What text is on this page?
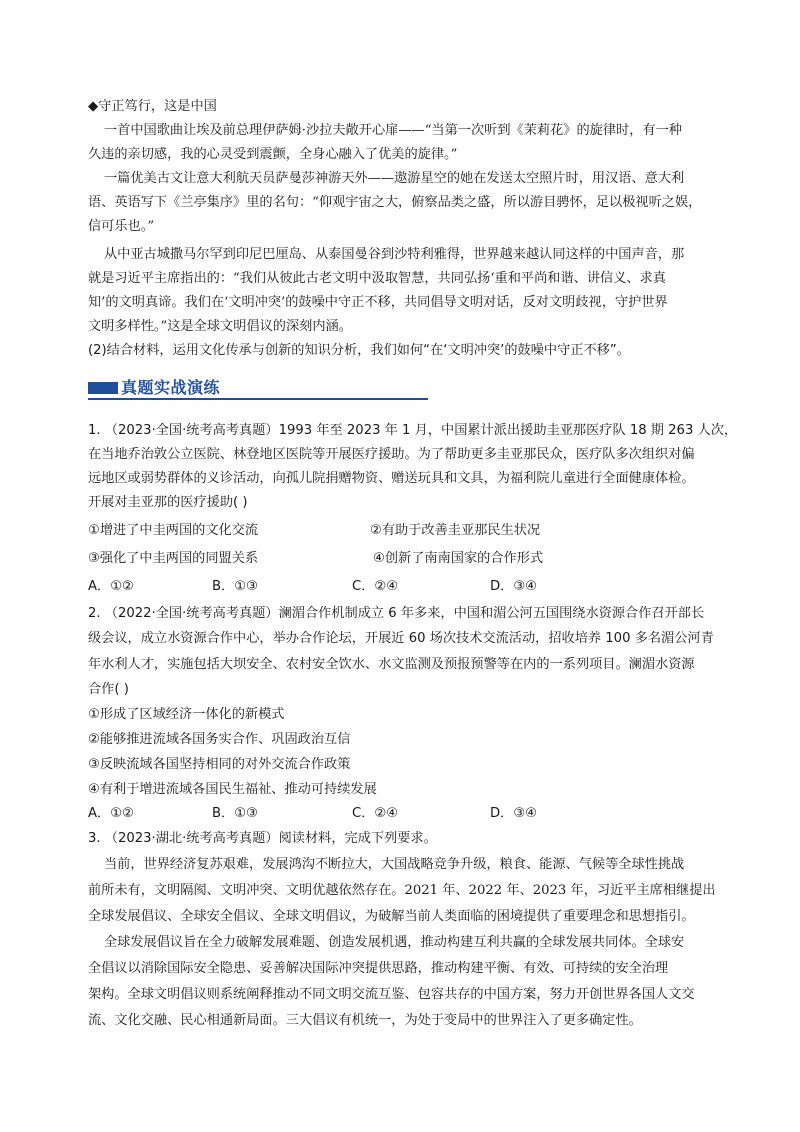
◆守正笃行，这是中国
一首中国歌曲让埃及前总理伊萨姆·沙拉夫敞开心扉——“当第一次听到《茉莉花》的旋律时，有一种
久违的亲切感，我的心灵受到震颤，全身心融入了优美的旋律。”
一篇优美古文让意大利航天员萨曼莎神游天外——遨游星空的她在发送太空照片时，用汉语、意大利
语、英语写下《兰亭集序》里的名句：“仰观宇宙之大，俯察品类之盛，所以游目骋怀，足以极视听之娱，
信可乐也。”
从中亚古城撒马尔罕到印尼巴厘岛、从泰国曼谷到沙特利雅得，世界越来越认同这样的中国声音，那
就是习近平主席指出的：“我们从彼此古老文明中汲取智慧，共同弘扬‘重和平尚和谐、讲信义、求真
知’的文明真谛。我们在‘文明冲突’的鼓噪中守正不移，共同倡导文明对话，反对文明歧视，守护世界
文明多样性。”这是全球文明倡议的深刻内涵。
(2)结合材料，运用文化传承与创新的知识分析，我们如何“在‘文明冲突’的鼓噪中守正不移”。
真题实战演练
1. （2023·全国·统考高考真题）1993 年至 2023 年 1 月，中国累计派出援助圭亚那医疗队 18 期 263 人次，
在当地乔治敦公立医院、林登地区医院等开展医疗援助。为了帮助更多圭亚那民众，医疗队多次组织对偏
远地区或弱势群体的义诊活动，向孤儿院捐赠物资、赠送玩具和文具，为福利院儿童进行全面健康体检。
开展对圭亚那的医疗援助( )
①增进了中圭两国的文化交流	②有助于改善圭亚那民生状况
③强化了中圭两国的同盟关系	④创新了南南国家的合作形式
A．①②	B．①③	C．②④	D．③④
2. （2022·全国·统考高考真题）澜湄合作机制成立 6 年多来，中国和湄公河五国围绕水资源合作召开部长
级会议，成立水资源合作中心，举办合作论坛，开展近 60 场次技术交流活动，招收培养 100 多名湄公河青
年水利人才，实施包括大坝安全、农村安全饮水、水文监测及预报预警等在内的一系列项目。澜湄水资源
合作( )
①形成了区域经济一体化的新模式
②能够推进流域各国务实合作、巩固政治互信
③反映流域各国坚持相同的对外交流合作政策
④有利于增进流域各国民生福祉、推动可持续发展
A．①②	B．①③	C．②④	D．③④
3. （2023·湖北·统考高考真题）阅读材料，完成下列要求。
当前，世界经济复苏艰难，发展鸿沟不断拉大，大国战略竞争升级，粮食、能源、气候等全球性挑战
前所未有，文明隔阂、文明冲突、文明优越依然存在。2021 年、2022 年、2023 年，习近平主席相继提出
全球发展倡议、全球安全倡议、全球文明倡议，为破解当前人类面临的困境提供了重要理念和思想指引。
全球发展倡议旨在全力破解发展难题、创造发展机遇，推动构建互利共赢的全球发展共同体。全球安
全倡议以消除国际安全隐患、妥善解决国际冲突提供思路，推动构建平衡、有效、可持续的安全治理
架构。全球文明倡议则系统阐释推动不同文明交流互鉴、包容共存的中国方案，努力开创世界各国人文交
流、文化交融、民心相通新局面。三大倡议有机统一，为处于变局中的世界注入了更多确定性。
